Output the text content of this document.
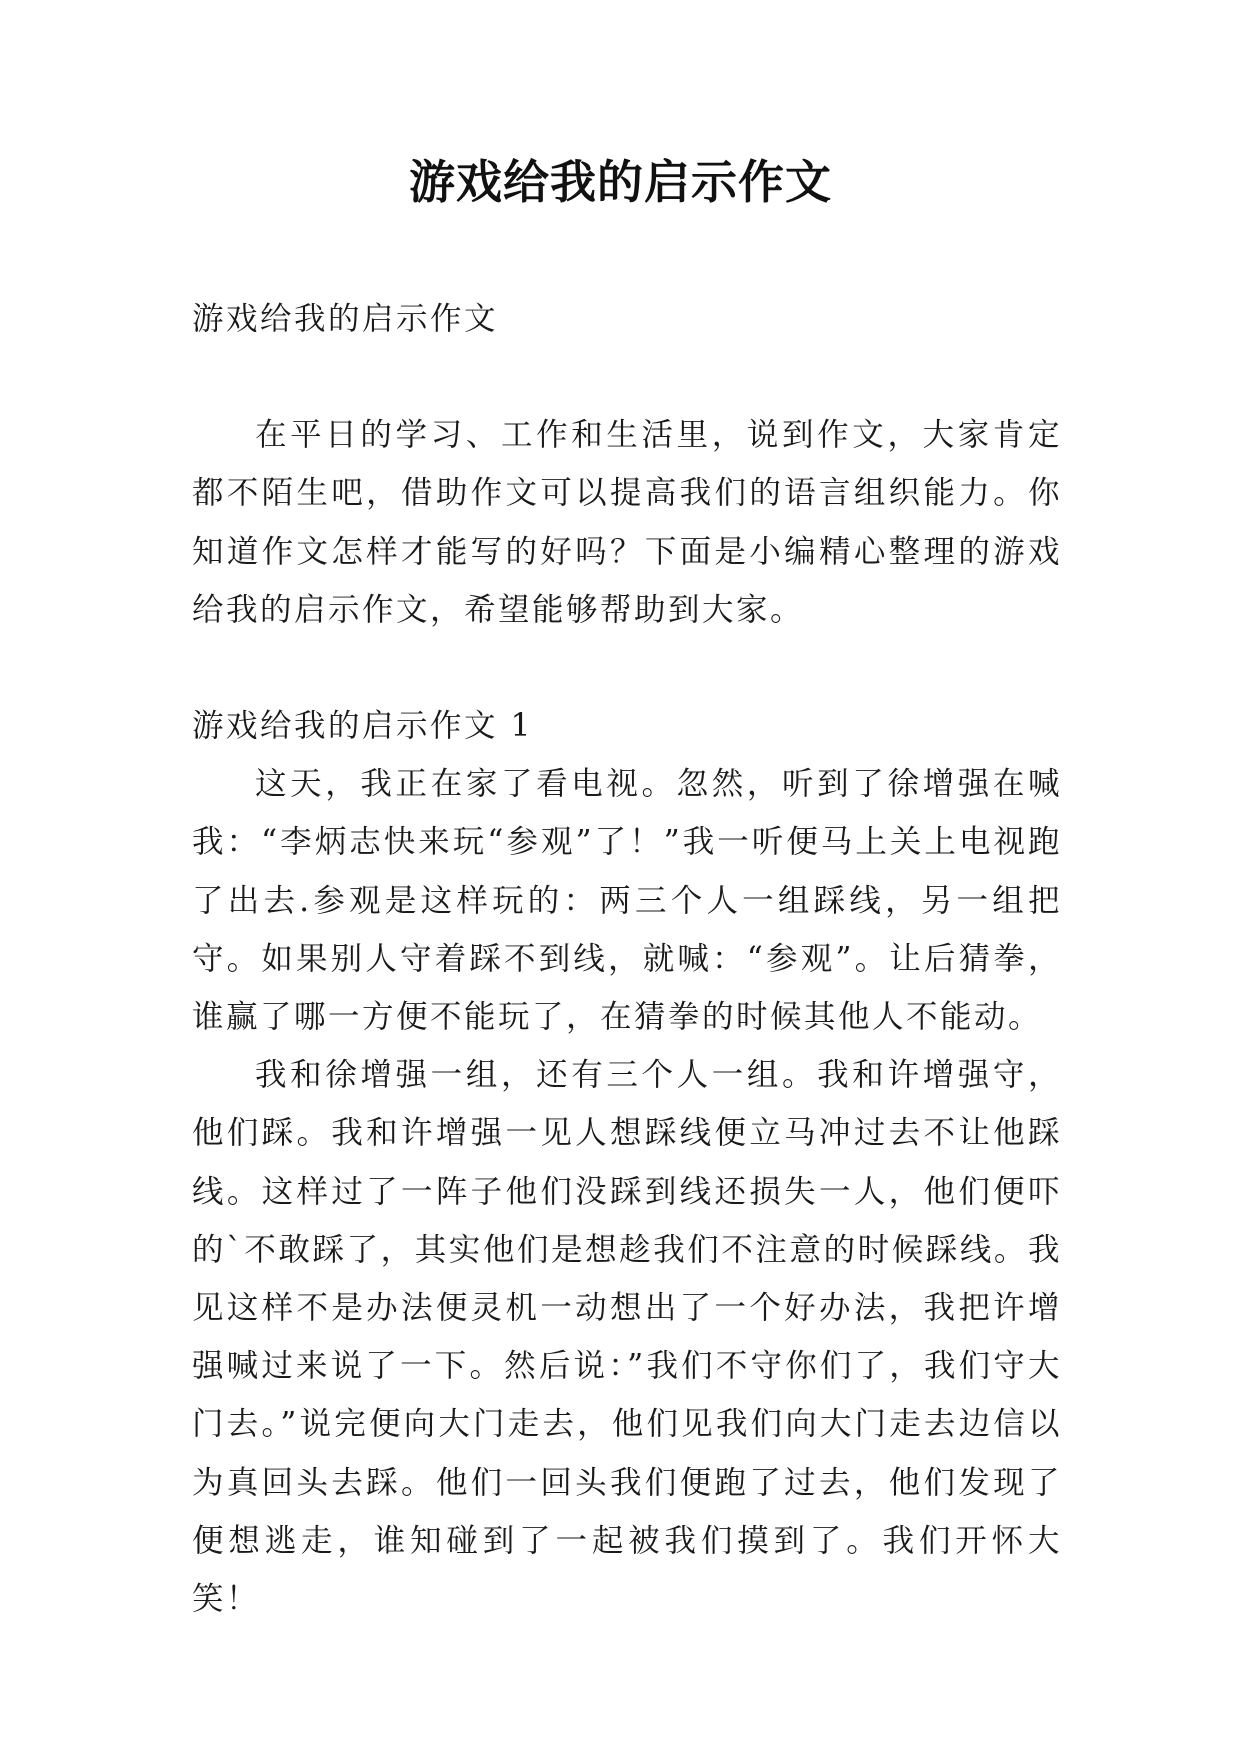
游戏给我的启示作文

游戏给我的启示作文

在平日的学习、工作和生活里，说到作文，大家肯定都不陌生吧，借助作文可以提高我们的语言组织能力。你知道作文怎样才能写的好吗？下面是小编精心整理的游戏给我的启示作文，希望能够帮助到大家。

游戏给我的启示作文 1

这天，我正在家了看电视。忽然，听到了徐增强在喊我：“李炳志快来玩“参观”了！”我一听便马上关上电视跑了出去.参观是这样玩的：两三个人一组踩线，另一组把守。如果别人守着踩不到线，就喊：“参观”。让后猜拳，谁赢了哪一方便不能玩了，在猜拳的时候其他人不能动。

我和徐增强一组，还有三个人一组。我和许增强守，他们踩。我和许增强一见人想踩线便立马冲过去不让他踩线。这样过了一阵子他们没踩到线还损失一人，他们便吓的`不敢踩了，其实他们是想趁我们不注意的时候踩线。我见这样不是办法便灵机一动想出了一个好办法，我把许增强喊过来说了一下。然后说：”我们不守你们了，我们守大门去。”说完便向大门走去，他们见我们向大门走去边信以为真回头去踩。他们一回头我们便跑了过去，他们发现了便想逃走，谁知碰到了一起被我们摸到了。我们开怀大笑！
